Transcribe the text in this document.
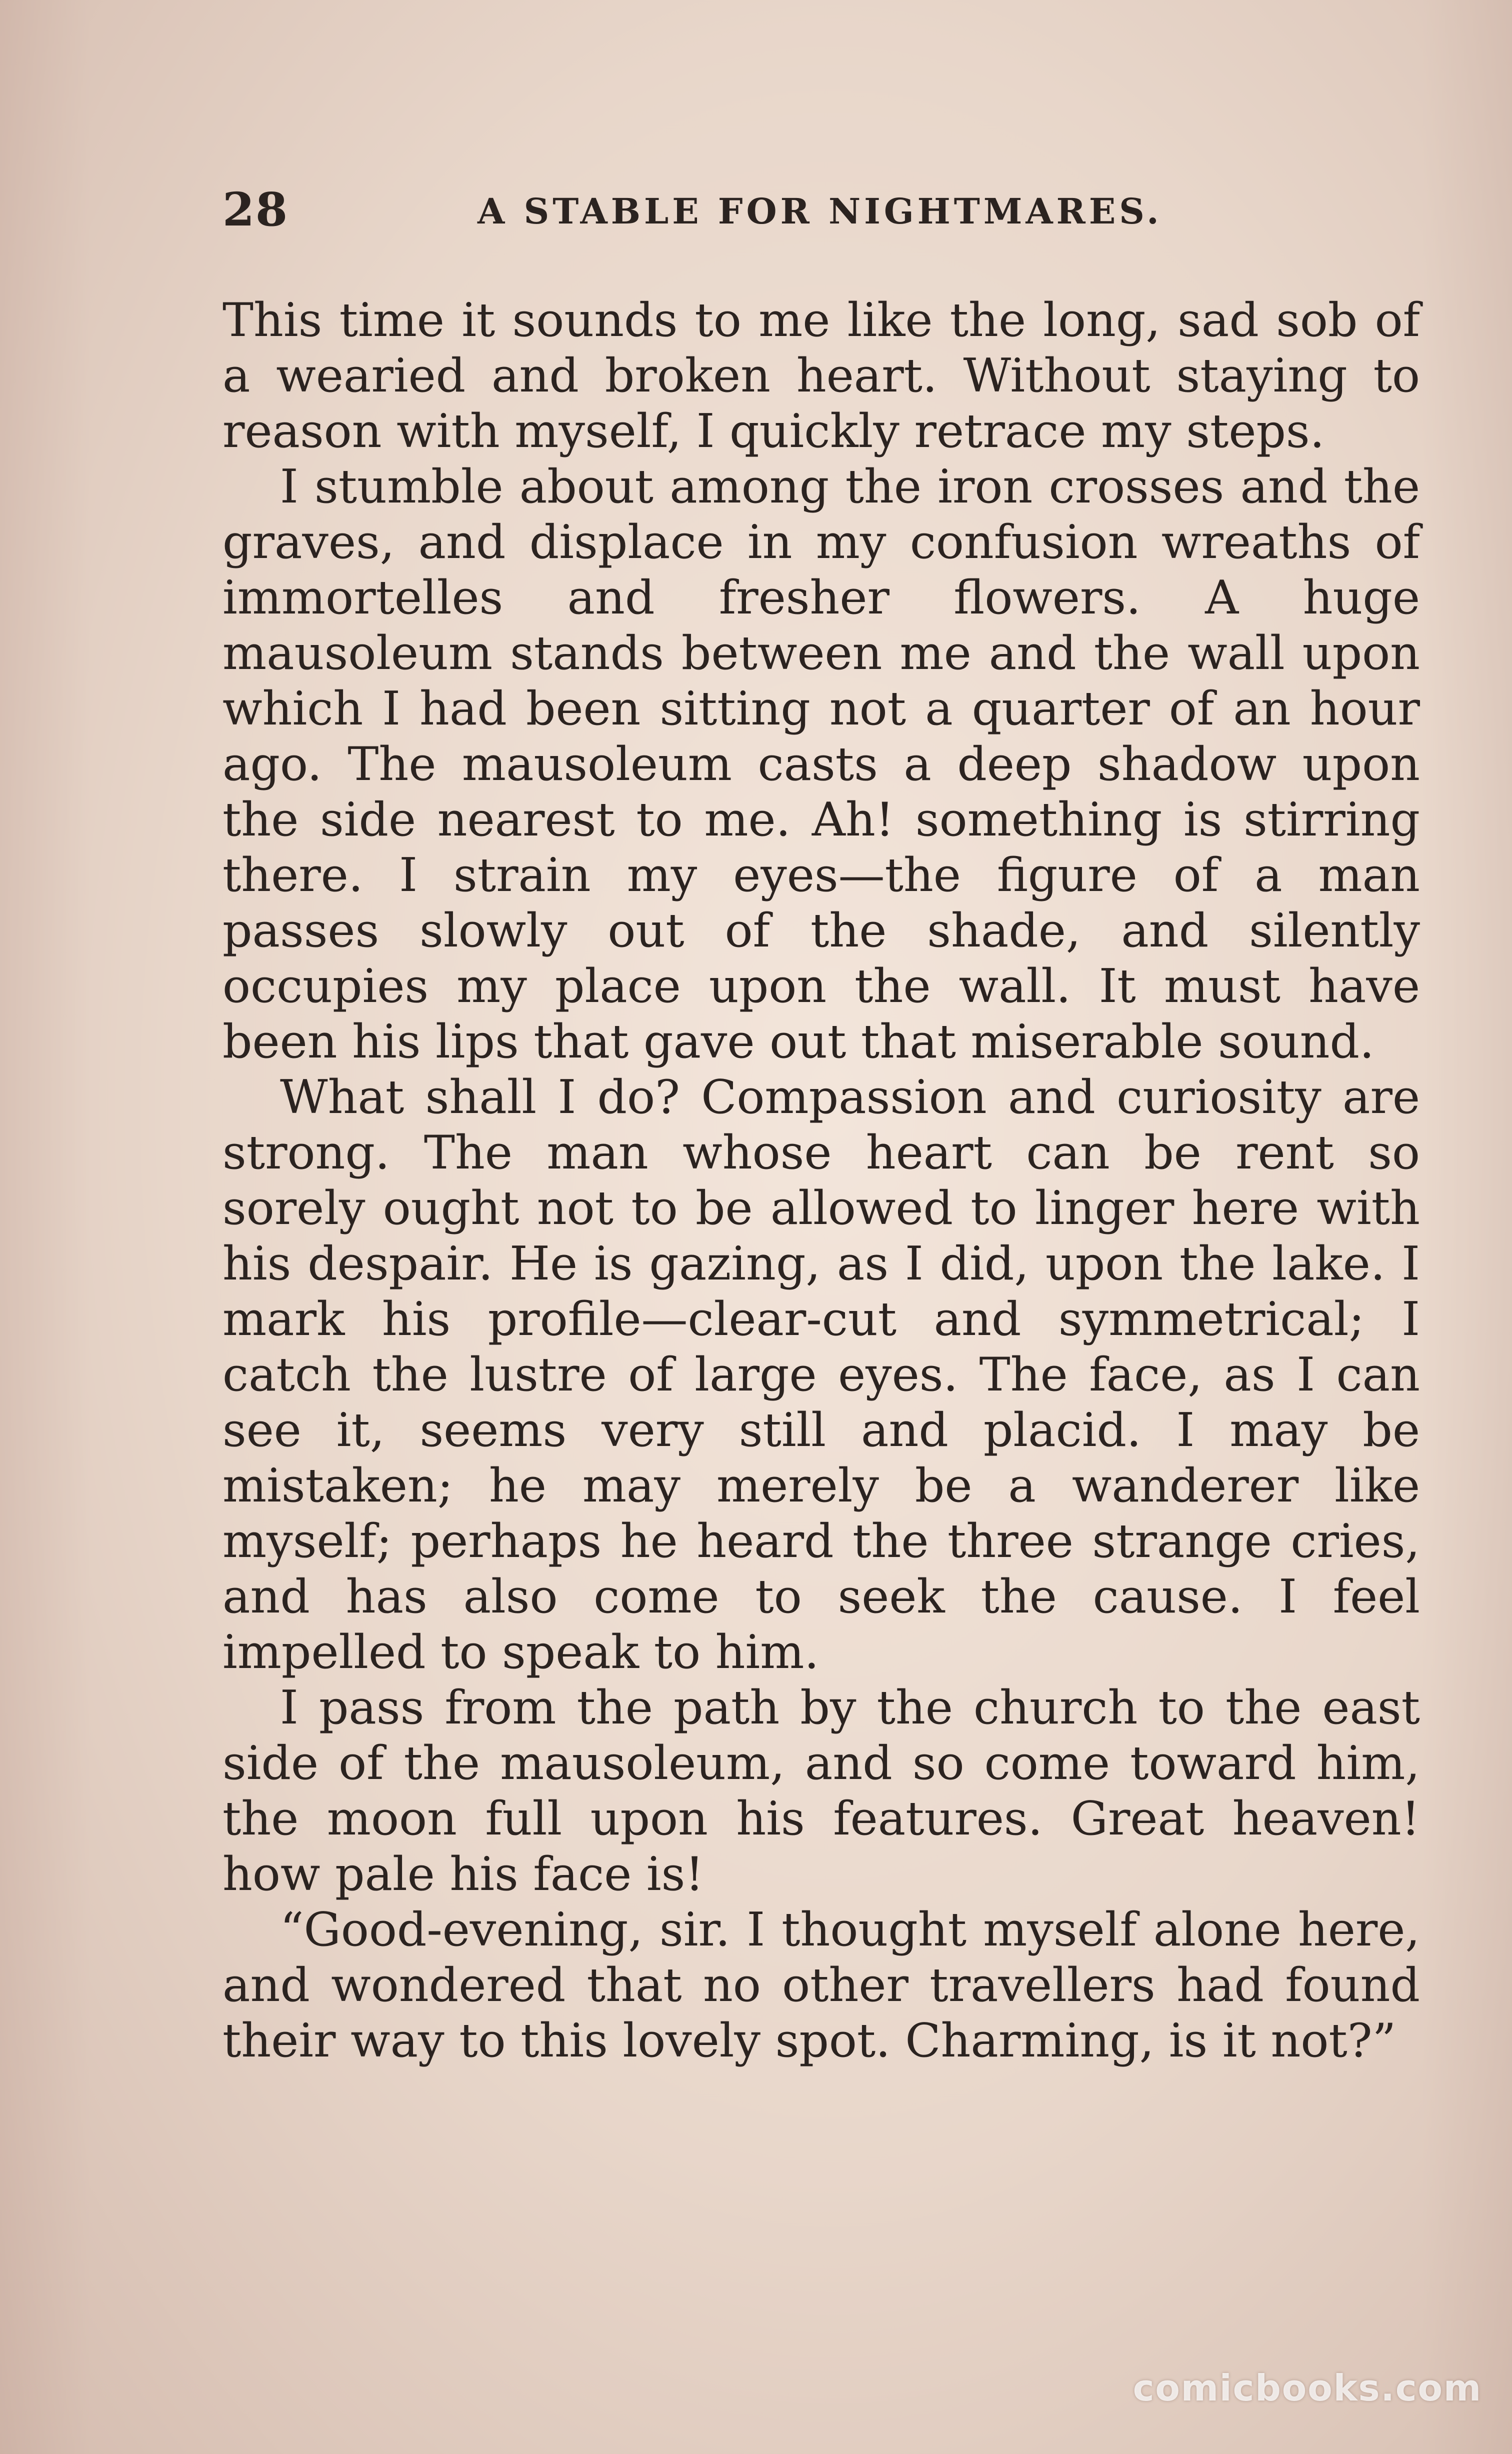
28	A STABLE FOR NIGHTMARES.

This time it sounds to me like the long, sad sob of a wearied and broken heart. Without staying to reason with myself, I quickly retrace my steps.

I stumble about among the iron crosses and the graves, and displace in my confusion wreaths of immortelles and fresher flowers. A huge mausoleum stands between me and the wall upon which I had been sitting not a quarter of an hour ago. The mausoleum casts a deep shadow upon the side nearest to me. Ah! something is stirring there. I strain my eyes—the figure of a man passes slowly out of the shade, and silently occupies my place upon the wall. It must have been his lips that gave out that miserable sound.

What shall I do? Compassion and curiosity are strong. The man whose heart can be rent so sorely ought not to be allowed to linger here with his despair. He is gazing, as I did, upon the lake. I mark his profile—clear-cut and symmetrical; I catch the lustre of large eyes. The face, as I can see it, seems very still and placid. I may be mistaken; he may merely be a wanderer like myself; perhaps he heard the three strange cries, and has also come to seek the cause. I feel impelled to speak to him.

I pass from the path by the church to the east side of the mausoleum, and so come toward him, the moon full upon his features. Great heaven! how pale his face is!

“Good-evening, sir. I thought myself alone here, and wondered that no other travellers had found their way to this lovely spot. Charming, is it not?”

comicbooks.com
